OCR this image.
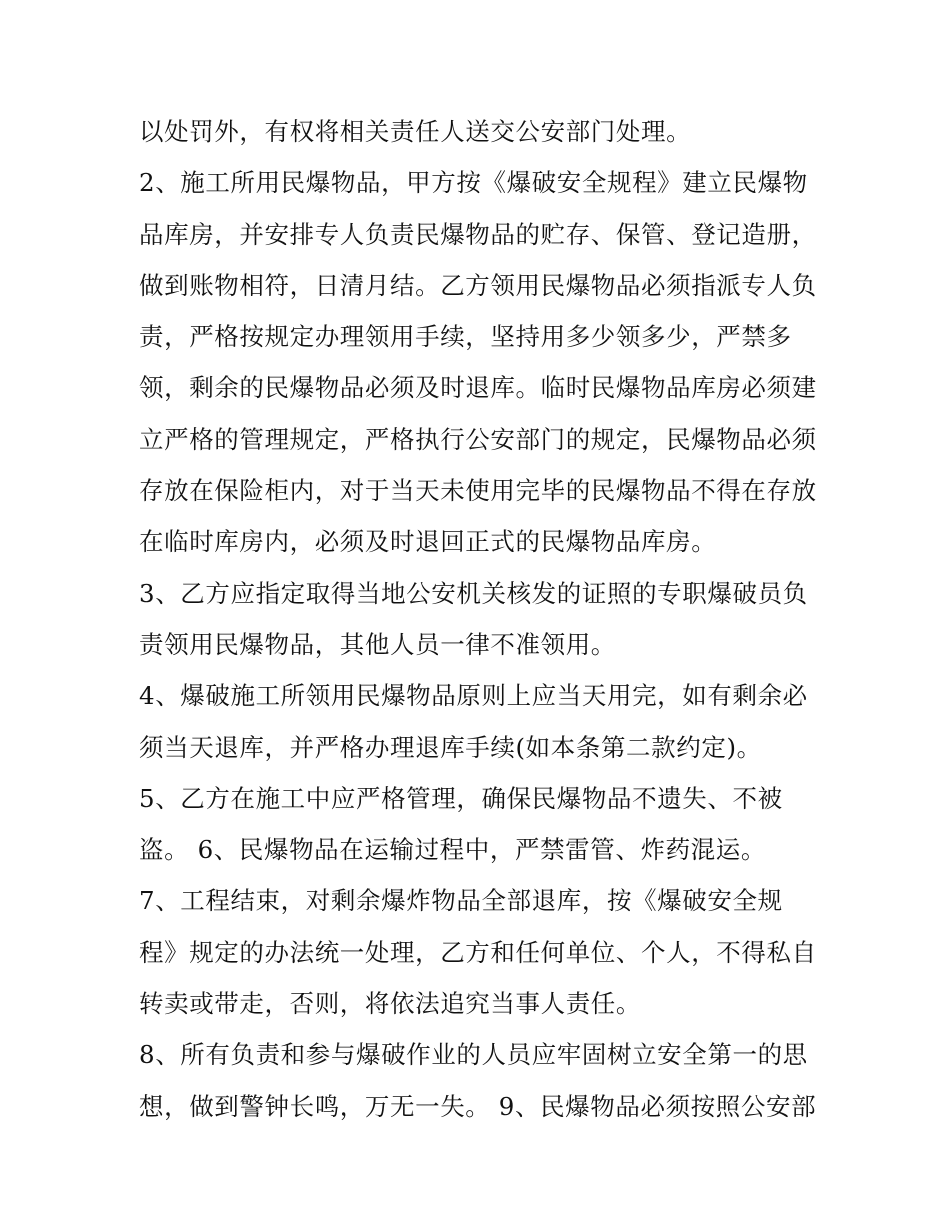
以处罚外，有权将相关责任人送交公安部门处理。
2、施工所用民爆物品，甲方按《爆破安全规程》建立民爆物
品库房，并安排专人负责民爆物品的贮存、保管、登记造册，
做到账物相符，日清月结。乙方领用民爆物品必须指派专人负
责，严格按规定办理领用手续，坚持用多少领多少，严禁多
领，剩余的民爆物品必须及时退库。临时民爆物品库房必须建
立严格的管理规定，严格执行公安部门的规定，民爆物品必须
存放在保险柜内，对于当天未使用完毕的民爆物品不得在存放
在临时库房内，必须及时退回正式的民爆物品库房。
3、乙方应指定取得当地公安机关核发的证照的专职爆破员负
责领用民爆物品，其他人员一律不准领用。
4、爆破施工所领用民爆物品原则上应当天用完，如有剩余必
须当天退库，并严格办理退库手续(如本条第二款约定)。
5、乙方在施工中应严格管理，确保民爆物品不遗失、不被
盗。 6、民爆物品在运输过程中，严禁雷管、炸药混运。
7、工程结束，对剩余爆炸物品全部退库，按《爆破安全规
程》规定的办法统一处理，乙方和任何单位、个人，不得私自
转卖或带走，否则，将依法追究当事人责任。
8、所有负责和参与爆破作业的人员应牢固树立安全第一的思
想，做到警钟长鸣，万无一失。 9、民爆物品必须按照公安部
